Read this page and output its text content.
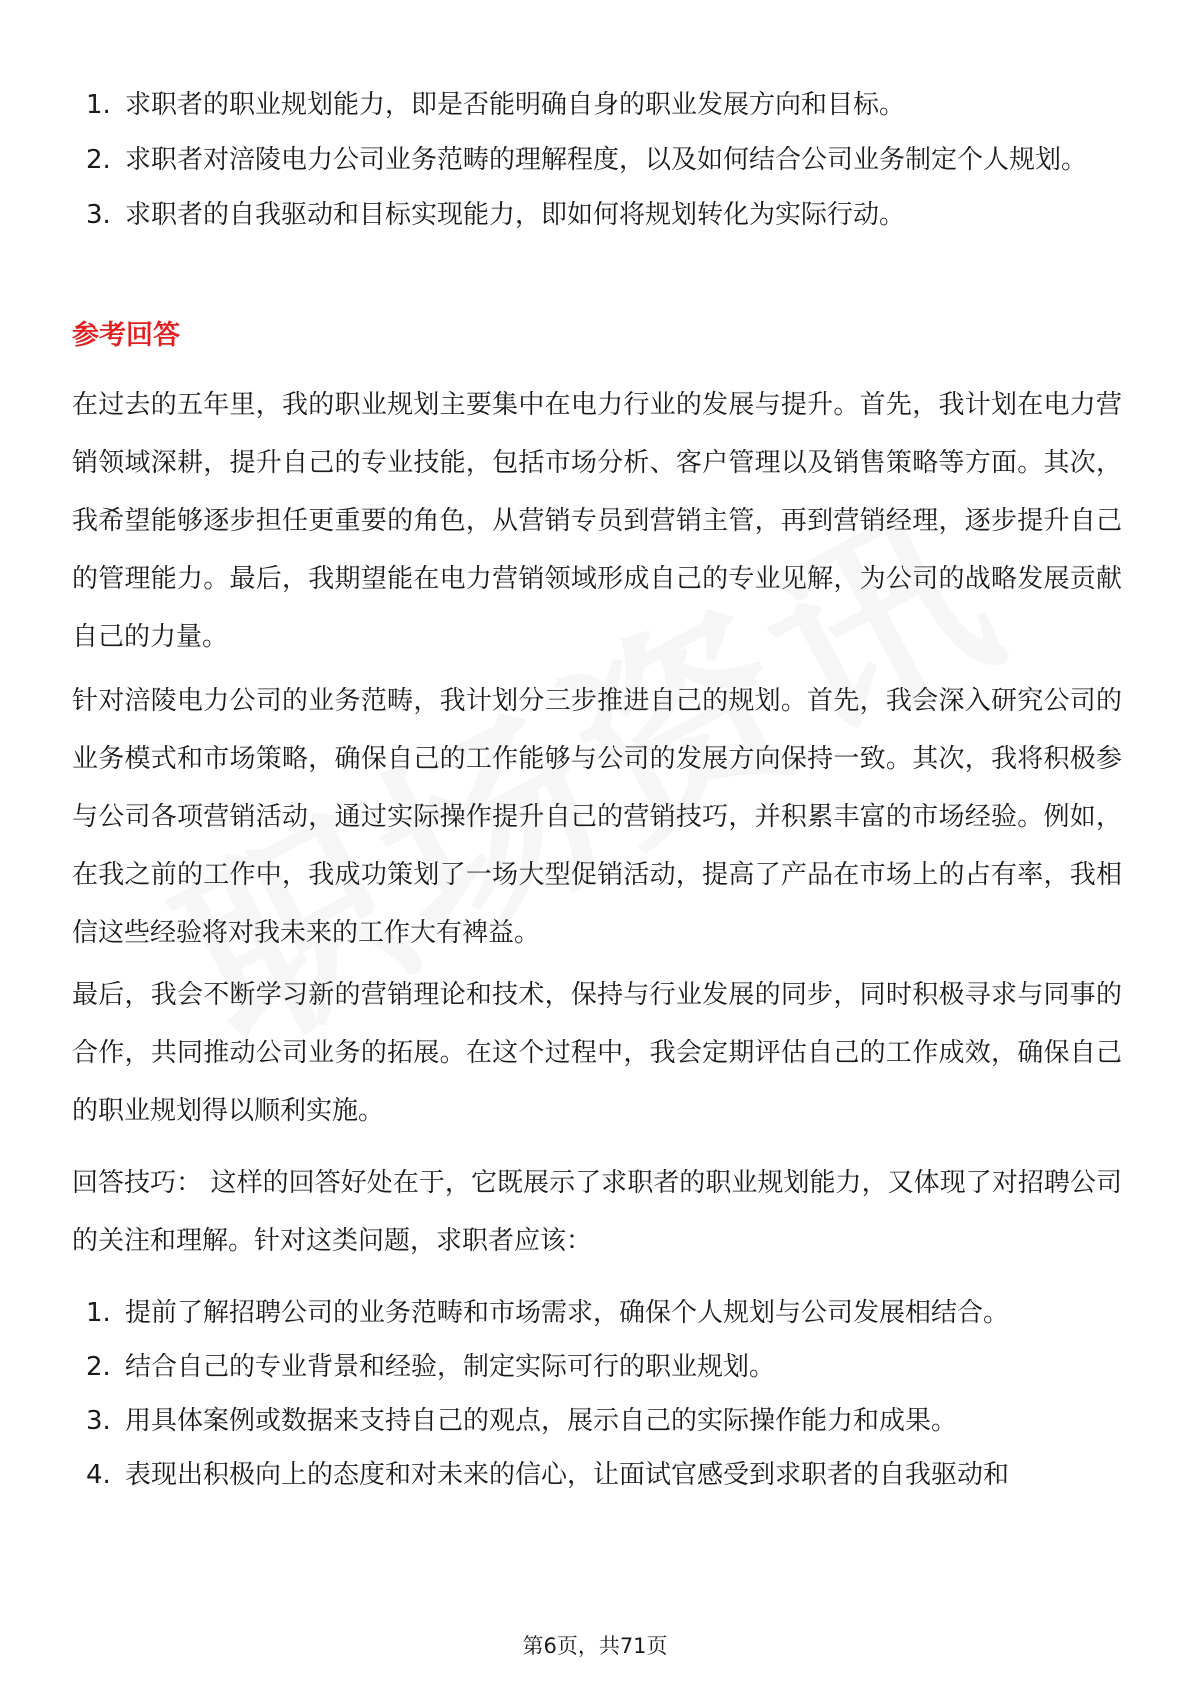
1. 求职者的职业规划能力，即是否能明确自身的职业发展方向和目标。
2. 求职者对涪陵电力公司业务范畴的理解程度，以及如何结合公司业务制定个人规划。
3. 求职者的自我驱动和目标实现能力，即如何将规划转化为实际行动。
参考回答

在过去的五年里，我的职业规划主要集中在电力行业的发展与提升。首先，我计划在电力营销领域深耕，提升自己的专业技能，包括市场分析、客户管理以及销售策略等方面。其次，我希望能够逐步担任更重要的角色，从营销专员到营销主管，再到营销经理，逐步提升自己的管理能力。最后，我期望能在电力营销领域形成自己的专业见解，为公司的战略发展贡献自己的力量。

针对涪陵电力公司的业务范畴，我计划分三步推进自己的规划。首先，我会深入研究公司的业务模式和市场策略，确保自己的工作能够与公司的发展方向保持一致。其次，我将积极参与公司各项营销活动，通过实际操作提升自己的营销技巧，并积累丰富的市场经验。例如，在我之前的工作中，我成功策划了一场大型促销活动，提高了产品在市场上的占有率，我相信这些经验将对我未来的工作大有裨益。

最后，我会不断学习新的营销理论和技术，保持与行业发展的同步，同时积极寻求与同事的合作，共同推动公司业务的拓展。在这个过程中，我会定期评估自己的工作成效，确保自己的职业规划得以顺利实施。

回答技巧： 这样的回答好处在于，它既展示了求职者的职业规划能力，又体现了对招聘公司的关注和理解。针对这类问题，求职者应该：

1. 提前了解招聘公司的业务范畴和市场需求，确保个人规划与公司发展相结合。
2. 结合自己的专业背景和经验，制定实际可行的职业规划。
3. 用具体案例或数据来支持自己的观点，展示自己的实际操作能力和成果。
4. 表现出积极向上的态度和对未来的信心，让面试官感受到求职者的自我驱动和
第6页，共71页
